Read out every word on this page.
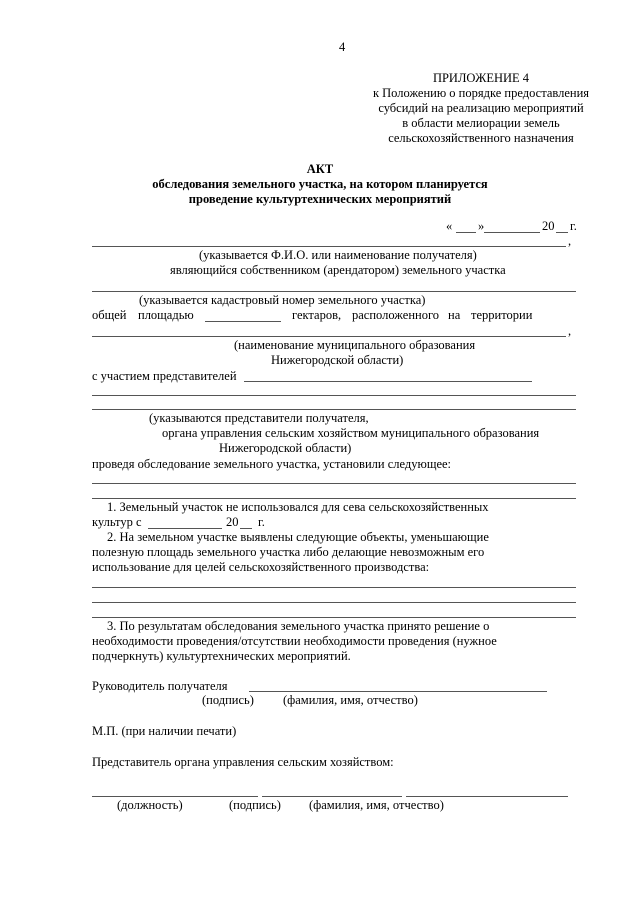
4
ПРИЛОЖЕНИЕ 4
к Положению о порядке предоставления
субсидий на реализацию мероприятий
в области мелиорации земель
сельскохозяйственного назначения
АКТ
обследования земельного участка, на котором планируется
проведение культуртехнических мероприятий
« »	20 г.
,
(указывается Ф.И.О. или наименование получателя)
являющийся собственником (арендатором) земельного участка
(указывается кадастровый номер земельного участка)
общей площадью	гектаров, расположенного на территории
,
(наименование муниципального образования
Нижегородской области)
с участием представителей
(указываются представители получателя,
органа управления сельским хозяйством муниципального образования
Нижегородской области)
проведя обследование земельного участка, установили следующее:
1. Земельный участок не использовался для сева сельскохозяйственных
культур с	20 г.
2. На земельном участке выявлены следующие объекты, уменьшающие
полезную площадь земельного участка либо делающие невозможным его
использование для целей сельскохозяйственного производства:
3. По результатам обследования земельного участка принято решение о
необходимости проведения/отсутствии необходимости проведения (нужное
подчеркнуть) культуртехнических мероприятий.
Руководитель получателя
(подпись) (фамилия, имя, отчество)
М.П. (при наличии печати)
Представитель органа управления сельским хозяйством:
(должность)	(подпись) (фамилия, имя, отчество)
